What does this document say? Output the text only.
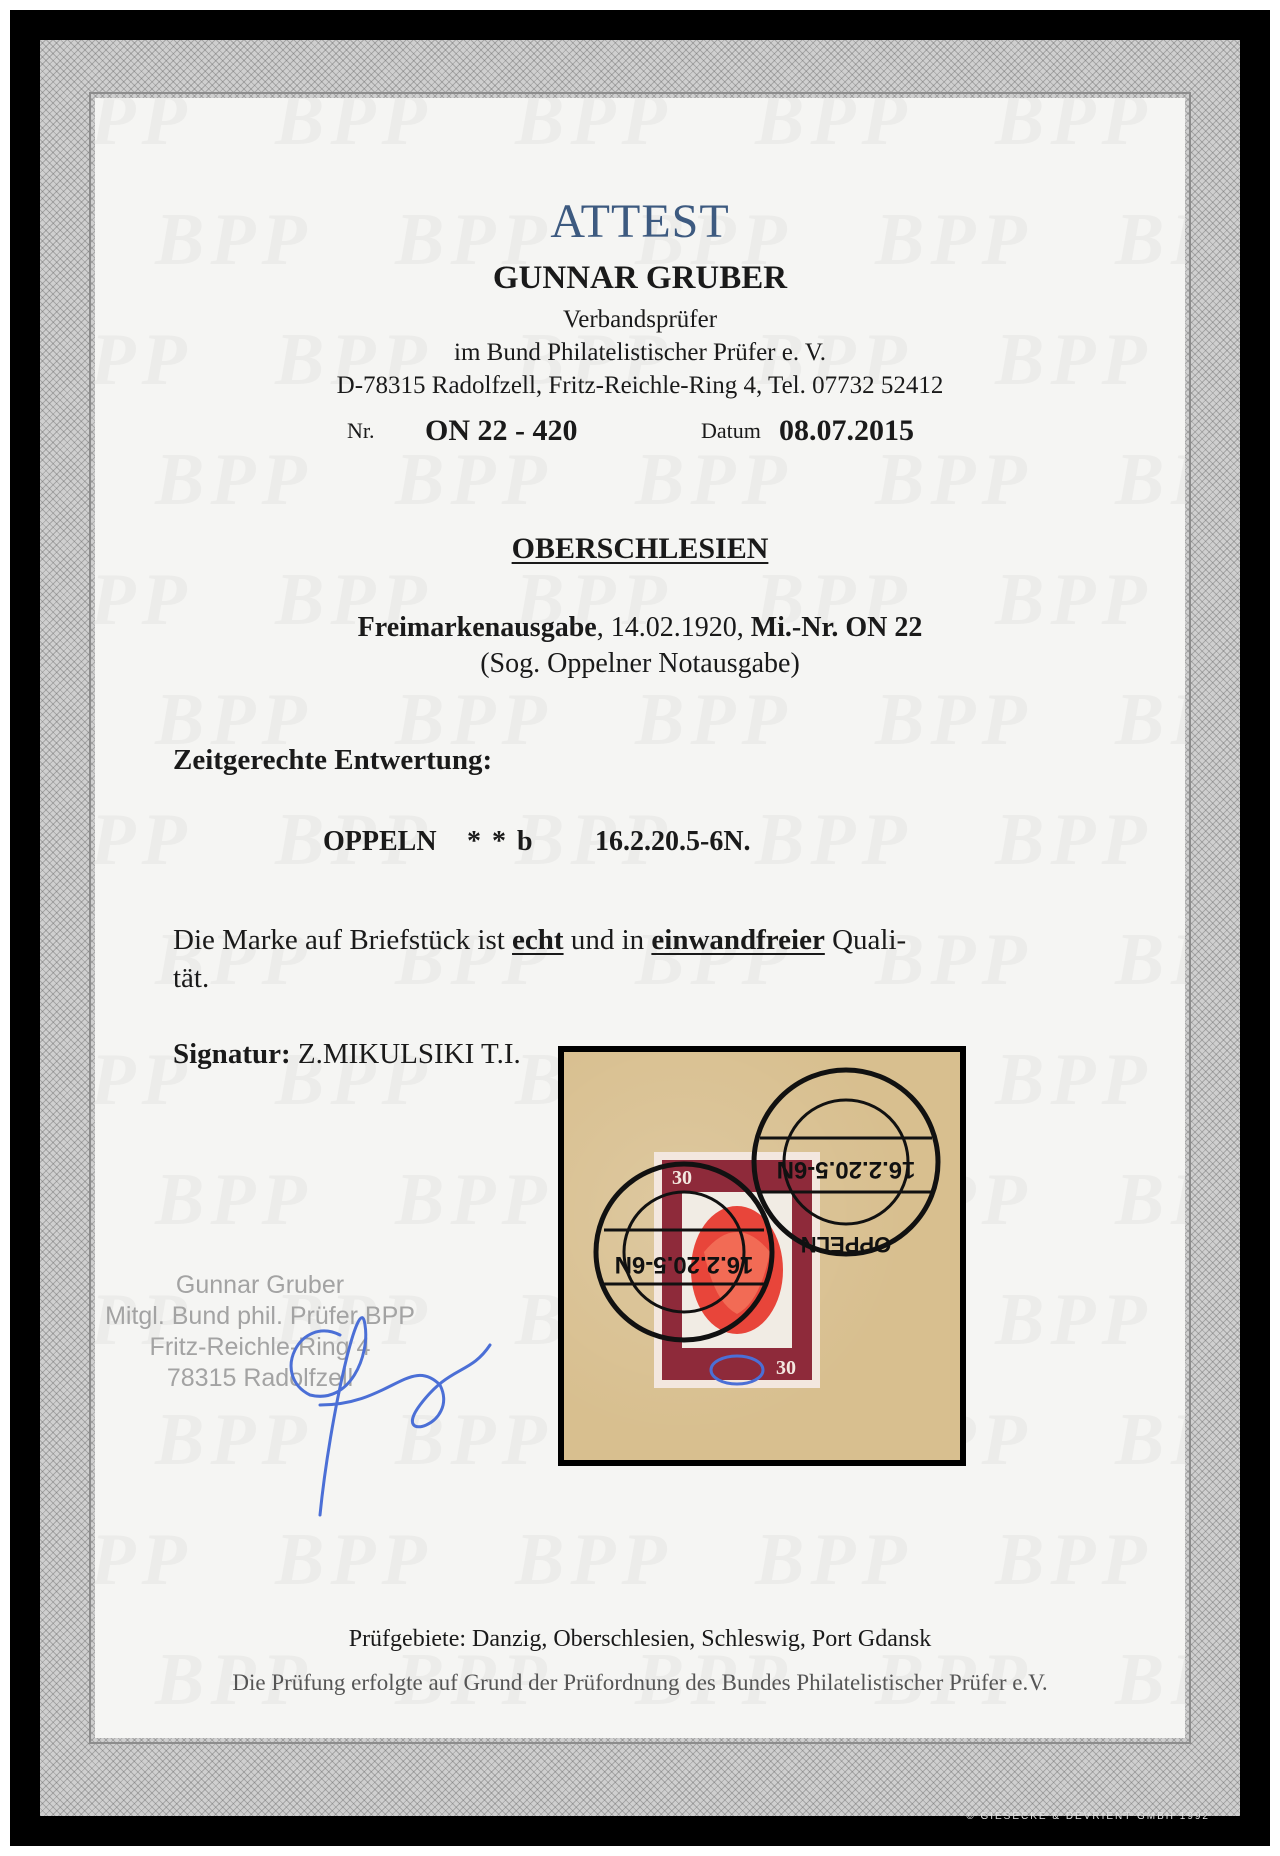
ATTEST
GUNNAR GRUBER
Verbandsprüfer
im Bund Philatelistischer Prüfer e. V.
D-78315 Radolfzell, Fritz-Reichle-Ring 4, Tel. 07732 52412
Nr. ON 22 - 420	Datum 08.07.2015
OBERSCHLESIEN
Freimarkenausgabe, 14.02.1920, Mi.-Nr. ON 22
(Sog. Oppelner Notausgabe)
Zeitgerechte Entwertung:
OPPELN * * b 16.2.20.5-6N.
Die Marke auf Briefstück ist echt und in einwandfreier Quali-
tät.
Signatur: Z.MIKULSIKI T.I.
Prüfgebiete: Danzig, Oberschlesien, Schleswig, Port Gdansk
Die Prüfung erfolgte auf Grund der Prüfordnung des Bundes Philatelistischer Prüfer e.V.
30
30
16.2.20.5-6N
16.2.20.5-6N
OPPELN
Gunnar Gruber
Mitgl. Bund phil. Prüfer BPP
Fritz-Reichle-Ring 4
78315 Radolfzell
© GIESECKE & DEVRIENT GMBH 1992
